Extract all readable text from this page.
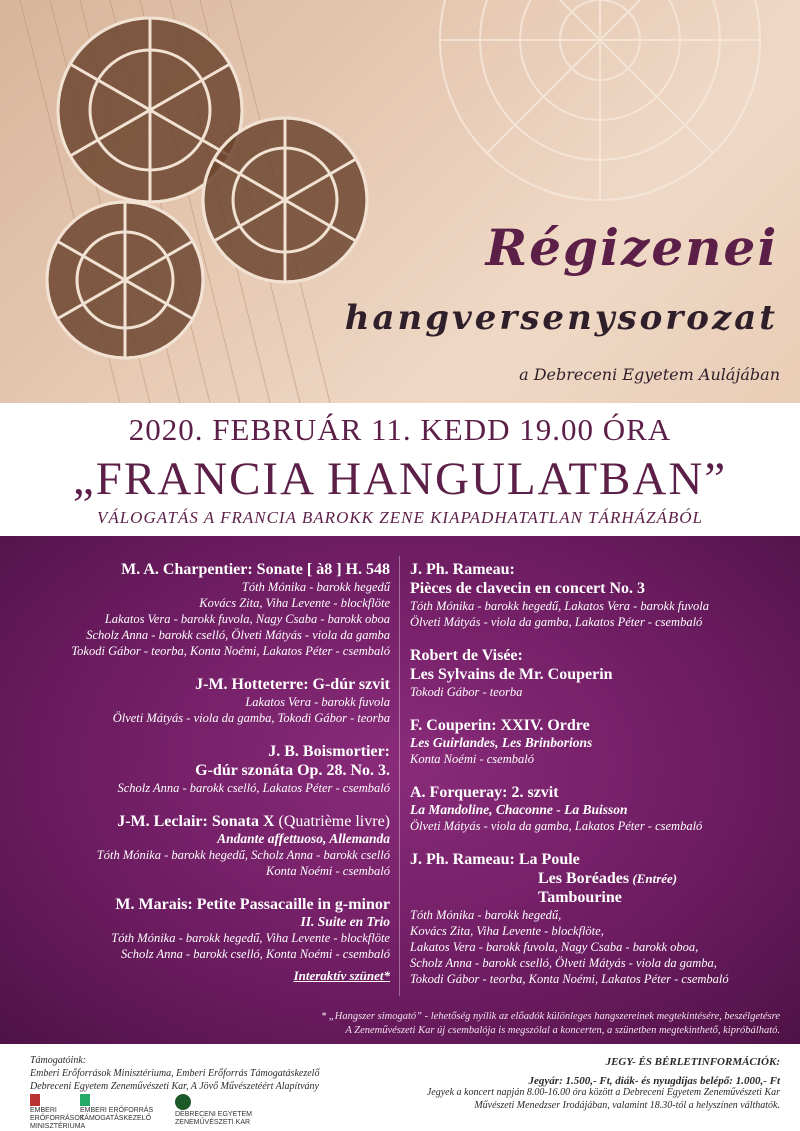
Régizenei
hangversenysorozat
a Debreceni Egyetem Aulájában
2020. FEBRUÁR 11. KEDD 19.00 ÓRA
„FRANCIA HANGULATBAN”
VÁLOGATÁS A FRANCIA BAROKK ZENE KIAPADHATATLAN TÁRHÁZÁBÓL

M. A. Charpentier: Sonate [ à8 ] H. 548

Tóth Mónika - barokk hegedű

Kovács Zita, Viha Levente - blockflöte

Lakatos Vera - barokk fuvola, Nagy Csaba - barokk oboa

Scholz Anna - barokk cselló, Ölveti Mátyás - viola da gamba

Tokodi Gábor - teorba, Konta Noémi, Lakatos Péter - csembaló

J-M. Hotteterre: G-dúr szvit

Lakatos Vera - barokk fuvola

Ölveti Mátyás - viola da gamba, Tokodi Gábor - teorba

J. B. Boismortier:

G-dúr szonáta Op. 28. No. 3.

Scholz Anna - barokk cselló, Lakatos Péter - csembaló

J-M. Leclair: Sonata X (Quatrième livre)

Andante affettuoso, Allemanda

Tóth Mónika - barokk hegedű, Scholz Anna - barokk cselló

Konta Noémi - csembaló

M. Marais: Petite Passacaille in g-minor

II. Suite en Trio

Tóth Mónika - barokk hegedű, Viha Levente - blockflöte

Scholz Anna - barokk cselló, Konta Noémi - csembaló

Interaktív szünet*

J. Ph. Rameau:

Pièces de clavecin en concert No. 3

Tóth Mónika - barokk hegedű, Lakatos Vera - barokk fuvola

Ölveti Mátyás - viola da gamba, Lakatos Péter - csembaló

Robert de Visée:

Les Sylvains de Mr. Couperin

Tokodi Gábor - teorba

F. Couperin: XXIV. Ordre

Les Guirlandes, Les Brinborions

Konta Noémi - csembaló

A. Forqueray: 2. szvit

La Mandoline, Chaconne - La Buisson

Ölveti Mátyás - viola da gamba, Lakatos Péter - csembaló

J. Ph. Rameau: La Poule

Les Boréades (Entrée)

Tambourine

Tóth Mónika - barokk hegedű,

Kovács Zita, Viha Levente - blockflöte,

Lakatos Vera - barokk fuvola, Nagy Csaba - barokk oboa,

Scholz Anna - barokk cselló, Ölveti Mátyás - viola da gamba,

Tokodi Gábor - teorba, Konta Noémi, Lakatos Péter - csembaló

* „Hangszer simogató” - lehetőség nyílik az előadók különleges hangszereinek megtekintésére, beszélgetésre
A Zeneművészeti Kar új csembalója is megszólal a koncerten, a szünetben megtekinthető, kipróbálható.
Támogatóink:
Emberi Erőforrások Minisztériuma, Emberi Erőforrás Támogatáskezelő
Debreceni Egyetem Zeneművészeti Kar, A Jövő Művészetéért Alapítvány
EMBERI ERŐFORRÁSOK MINISZTÉRIUMA
EMBERI ERŐFORRÁS TÁMOGATÁSKEZELŐ
DEBRECENI EGYETEM ZENEMŰVÉSZETI KAR
JEGY- ÉS BÉRLETINFORMÁCIÓK:
Jegyár: 1.500,- Ft, diák- és nyugdíjas belépő: 1.000,- Ft
Jegyek a koncert napján 8.00-16.00 óra között a Debreceni Egyetem Zeneművészeti Kar
Művészeti Menedzser Irodájában, valamint 18.30-tól a helyszínen válthatók.
